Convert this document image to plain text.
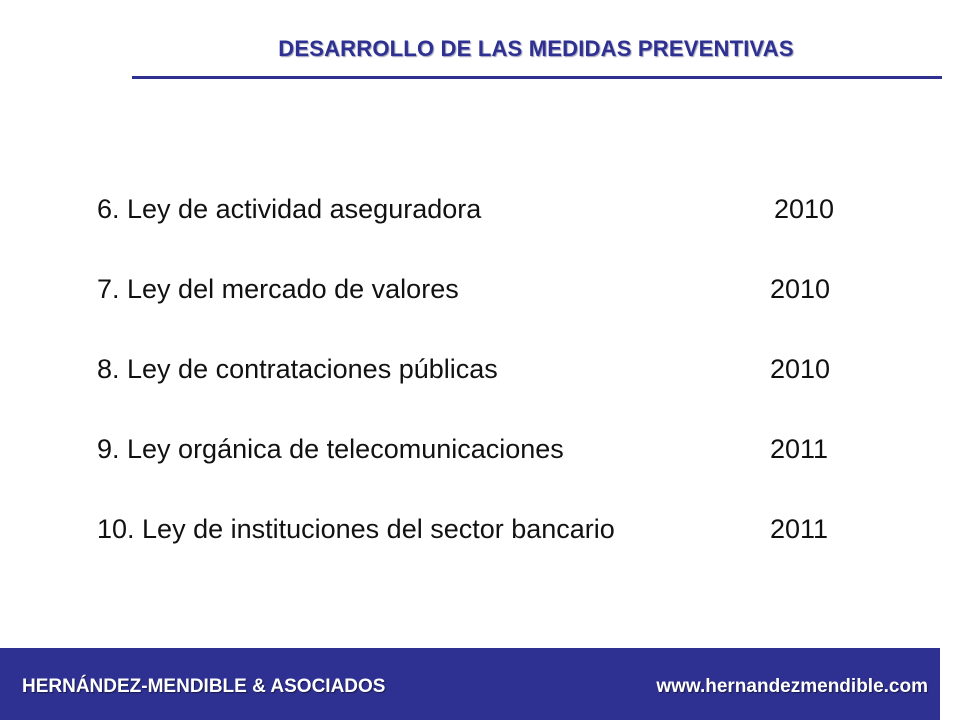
DESARROLLO DE LAS MEDIDAS PREVENTIVAS
6. Ley de actividad aseguradora	2010
7. Ley del mercado de valores	2010
8. Ley de contrataciones públicas	2010
9. Ley orgánica de telecomunicaciones	2011
10. Ley de instituciones del sector bancario	2011
HERNÁNDEZ-MENDIBLE & ASOCIADOS	www.hernandezmendible.com
